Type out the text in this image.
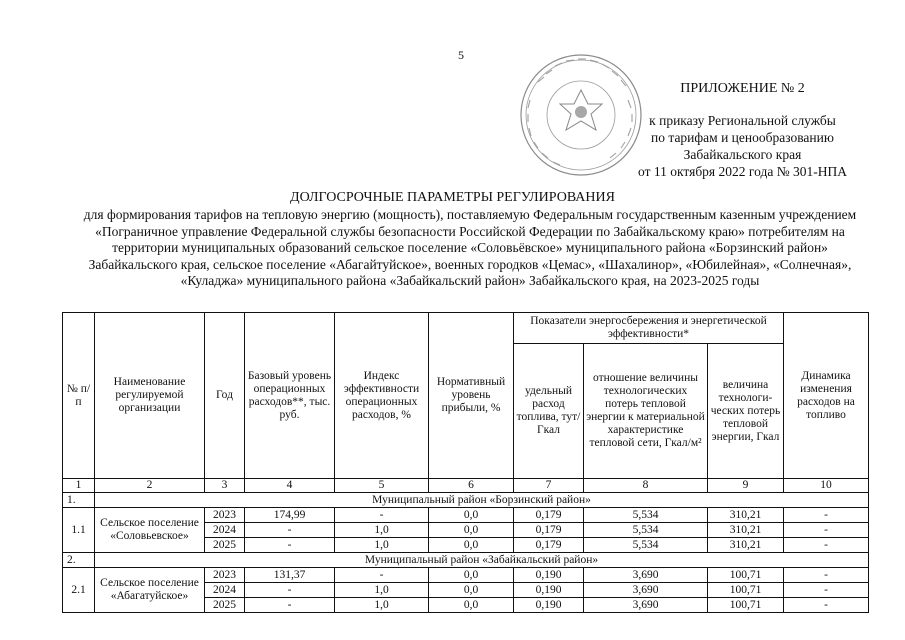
5
ПРИЛОЖЕНИЕ № 2
к приказу Региональной службы
по тарифам и ценообразованию
Забайкальского края
от 11 октября 2022 года № 301-НПА
ДОЛГОСРОЧНЫЕ ПАРАМЕТРЫ РЕГУЛИРОВАНИЯ
для формирования тарифов на тепловую энергию (мощность), поставляемую Федеральным государственным казенным учреждением «Пограничное управление Федеральной службы безопасности Российской Федерации по Забайкальскому краю» потребителям на территории муниципальных образований сельское поселение «Соловьёвское» муниципального района «Борзинский район» Забайкальского края, сельское поселение «Абагайтуйское», военных городков «Цемас», «Шахалинор», «Юбилейная», «Солнечная», «Куладжа» муниципального района «Забайкальский район» Забайкальского края, на 2023-2025 годы
№ п/п	Наименование регулируемой организации	Год	Базовый уровень операционных расходов**, тыс. руб.	Индекс эффективности операционных расходов, %	Нормативный уровень прибыли, %	Показатели энергосбережения и энергетической эффективности*			Динамика изменения расходов на топливо
						удельный расход топлива, тут/Гкал	отношение величины технологических потерь тепловой энергии к материальной характеристике тепловой сети, Гкал/м²	величина технологи-ческих потерь тепловой энергии, Гкал	
1	2	3	4	5	6	7	8	9	10
1.	Муниципальный район «Борзинский район»								
1.1	Сельское поселение «Соловьевское»	2023	174,99	-	0,0	0,179	5,534	310,21	-
		2024	-	1,0	0,0	0,179	5,534	310,21	-
		2025	-	1,0	0,0	0,179	5,534	310,21	-
2.	Муниципальный район «Забайкальский район»								
2.1	Сельское поселение «Абагатуйское»	2023	131,37	-	0,0	0,190	3,690	100,71	-
		2024	-	1,0	0,0	0,190	3,690	100,71	-
		2025	-	1,0	0,0	0,190	3,690	100,71	-
